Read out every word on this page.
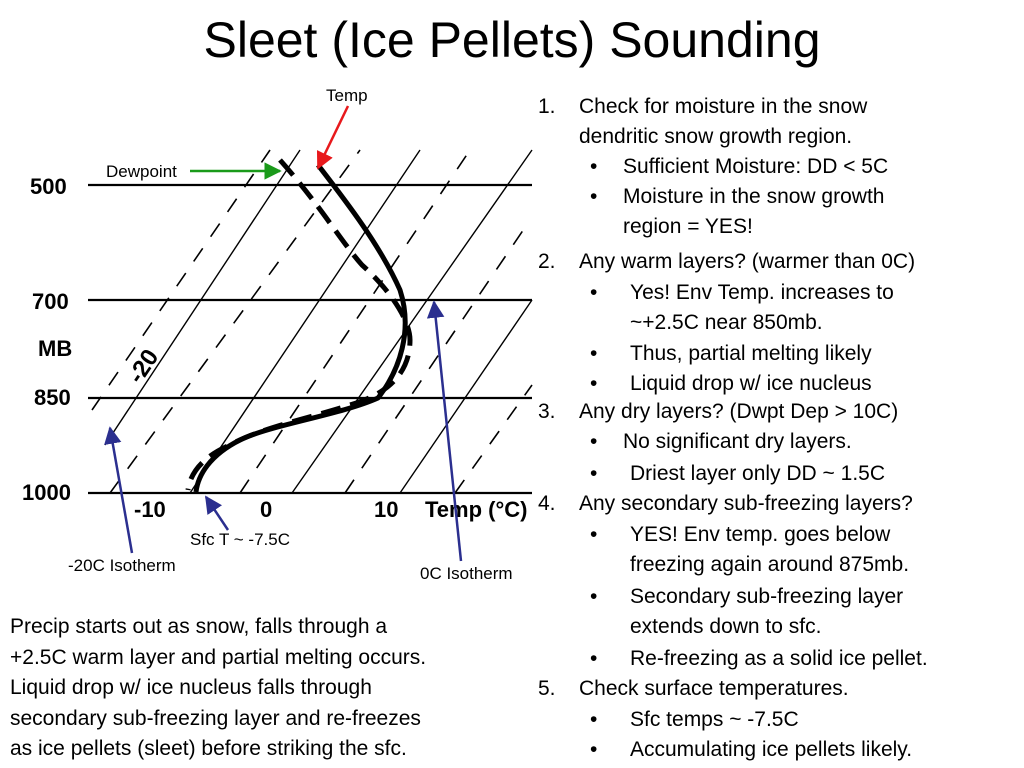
Sleet (Ice Pellets) Sounding
-20
500
700
MB
850
1000
-10	0	10 Temp (°C)
Temp
Dewpoint
Sfc T ~ -7.5C
-20C Isotherm	0C Isotherm
1. Check for moisture in the snow
dendritic snow growth region.
• Sufficient Moisture: DD < 5C
• Moisture in the snow growth
region = YES!
2. Any warm layers? (warmer than 0C)
• Yes! Env Temp. increases to
~+2.5C near 850mb.
• Thus, partial melting likely
• Liquid drop w/ ice nucleus
3. Any dry layers? (Dwpt Dep > 10C)
• No significant dry layers.
• Driest layer only DD ~ 1.5C
4. Any secondary sub-freezing layers?
• YES! Env temp. goes below
freezing again around 875mb.
• Secondary sub-freezing layer
extends down to sfc.
• Re-freezing as a solid ice pellet.
5. Check surface temperatures.
• Sfc temps ~ -7.5C
• Accumulating ice pellets likely.
Precip starts out as snow, falls through a
+2.5C warm layer and partial melting occurs.
Liquid drop w/ ice nucleus falls through
secondary sub-freezing layer and re-freezes
as ice pellets (sleet) before striking the sfc.
